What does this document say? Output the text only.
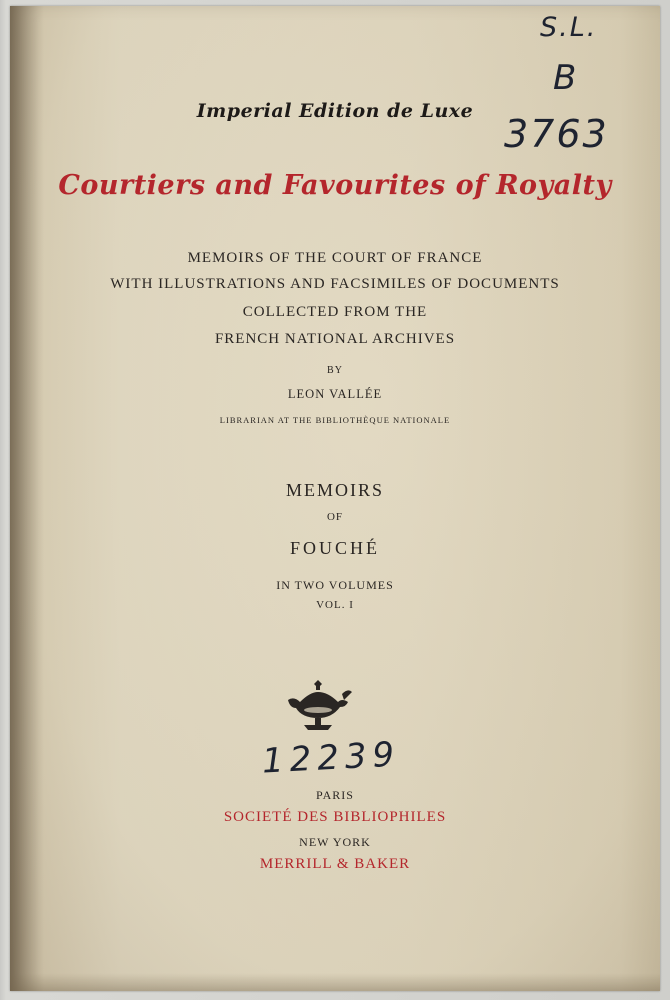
S.L.
B
3763
Imperial Edition de Luxe
Courtiers and Favourites of Royalty
MEMOIRS OF THE COURT OF FRANCE
WITH ILLUSTRATIONS AND FACSIMILES OF DOCUMENTS
COLLECTED FROM THE
FRENCH NATIONAL ARCHIVES
BY
LEON VALLÉE
LIBRARIAN AT THE BIBLIOTHÈQUE NATIONALE
MEMOIRS
OF
FOUCHÉ
IN TWO VOLUMES
VOL. I
12239
PARIS
SOCIETÉ DES BIBLIOPHILES
NEW YORK
MERRILL & BAKER
